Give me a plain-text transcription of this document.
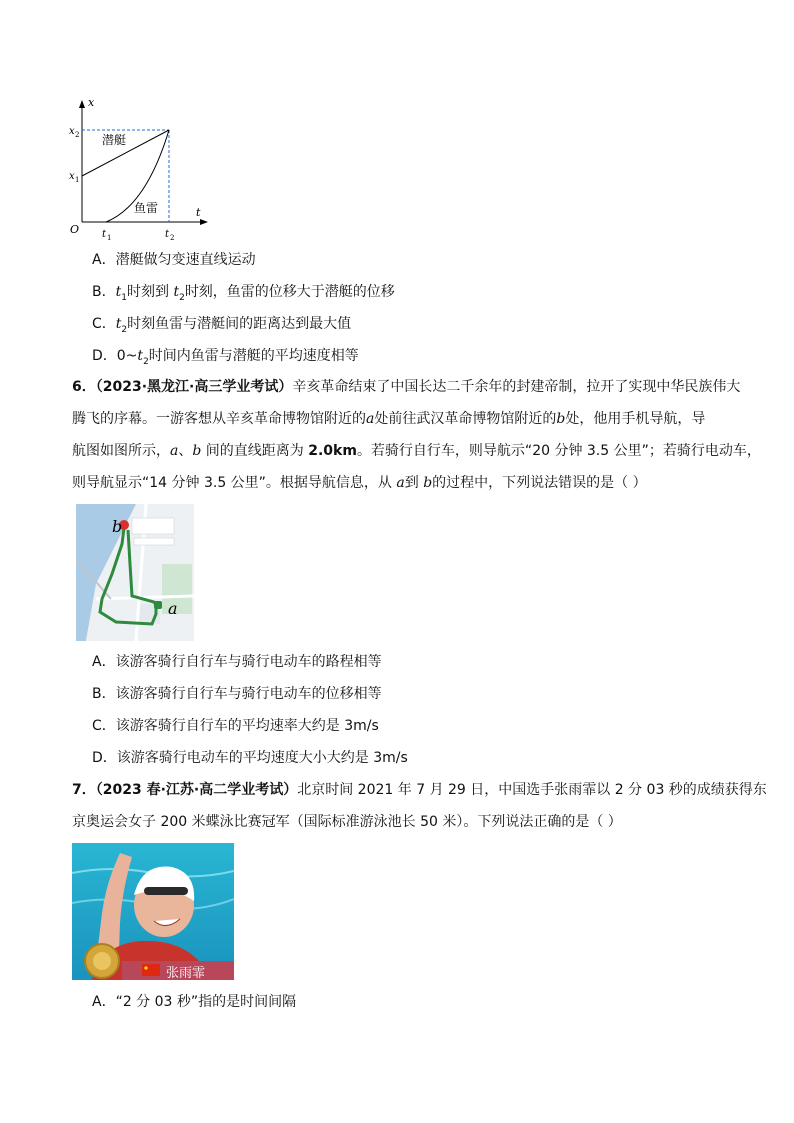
x
t
O
x 2
x 1
t 1	t 2
潜艇
鱼雷
A．潜艇做匀变速直线运动
B．$t_1$时刻到 $t_2$时刻，鱼雷的位移大于潜艇的位移
C．$t_2$时刻鱼雷与潜艇间的距离达到最大值
D．$0\sim t_2$时间内鱼雷与潜艇的平均速度相等
6．（2023·黑龙江·高三学业考试）辛亥革命结束了中国长达二千余年的封建帝制，拉开了实现中华民族伟大
腾飞的序幕。一游客想从辛亥革命博物馆附近的a处前往武汉革命博物馆附近的b处，他用手机导航，导
航图如图所示，a、b 间的直线距离为 2.0km。若骑行自行车，则导航示“20 分钟 3.5 公里”；若骑行电动车，
则导航显示“14 分钟 3.5 公里”。根据导航信息，从 a到 b的过程中，下列说法错误的是（ ）
b
a
A．该游客骑行自行车与骑行电动车的路程相等
B．该游客骑行自行车与骑行电动车的位移相等
C．该游客骑行自行车的平均速率大约是 3m/s
D．该游客骑行电动车的平均速度大小大约是 3m/s
7．（2023 春·江苏·高二学业考试）北京时间 2021 年 7 月 29 日，中国选手张雨霏以 2 分 03 秒的成绩获得东
京奥运会女子 200 米蝶泳比赛冠军（国际标准游泳池长 50 米）。下列说法正确的是（ ）
张雨霏
A．“2 分 03 秒”指的是时间间隔
